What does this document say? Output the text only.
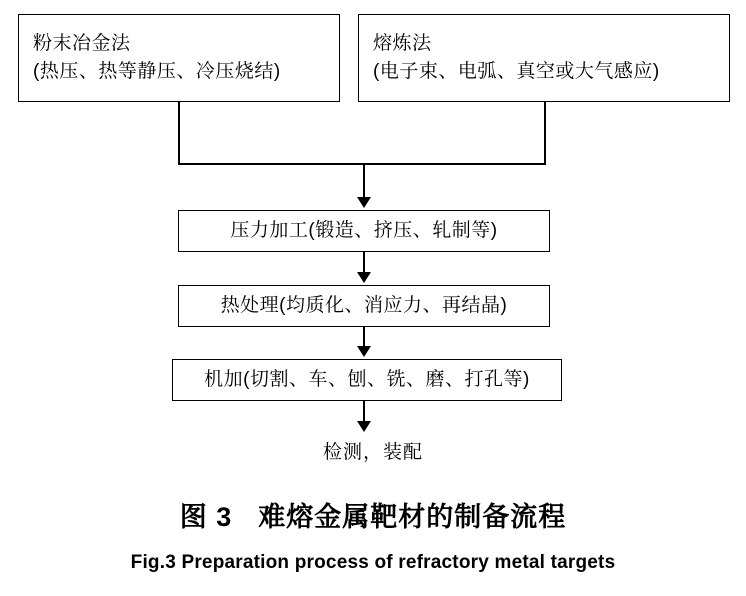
粉末冶金法
(热压、热等静压、冷压烧结)
熔炼法
(电子束、电弧、真空或大气感应)
压力加工(锻造、挤压、轧制等)
热处理(均质化、消应力、再结晶)
机加(切割、车、刨、铣、磨、打孔等)
检测，装配
图 3 难熔金属靶材的制备流程
Fig.3 Preparation process of refractory metal targets
